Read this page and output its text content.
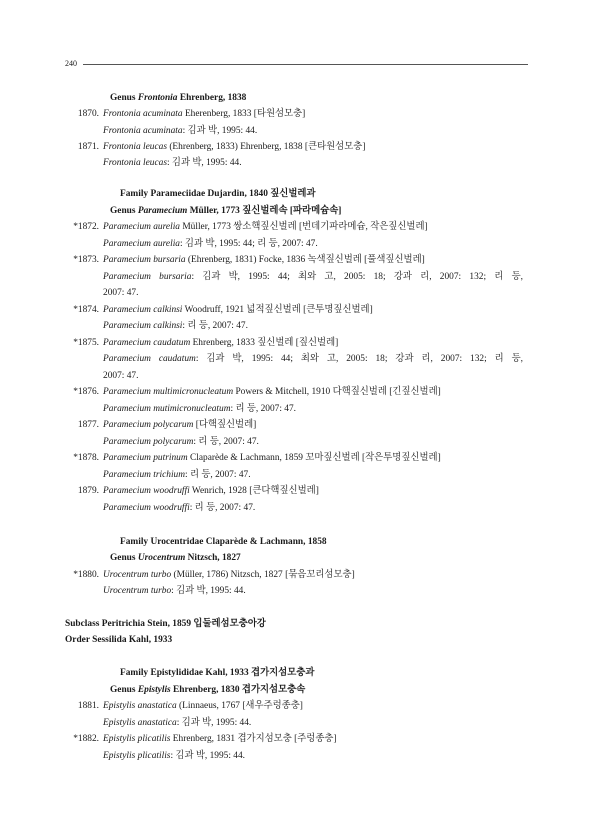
240
Genus Frontonia Ehrenberg, 1838
1870. Frontonia acuminata Eherenberg, 1833 [타원섬모충]
Frontonia acuminata: 김과 박, 1995: 44.
1871. Frontonia leucas (Ehrenberg, 1833) Ehrenberg, 1838 [큰타원섬모충]
Frontonia leucas: 김과 박, 1995: 44.
Family Parameciidae Dujardin, 1840 짚신벌레과
Genus Paramecium Müller, 1773 짚신벌레속 [파라메슘속]
*1872. Paramecium aurelia Müller, 1773 쌍소핵짚신벌레 [번데기파라메슘, 작은짚신벌레]
Paramecium aurelia: 김과 박, 1995: 44; 리 등, 2007: 47.
*1873. Paramecium bursaria (Ehrenberg, 1831) Focke, 1836 녹색짚신벌레 [풀색짚신벌레]
Paramecium bursaria: 김과 박, 1995: 44; 최와 고, 2005: 18; 강과 리, 2007: 132; 리 등,
2007: 47.
*1874. Paramecium calkinsi Woodruff, 1921 넓적짚신벌레 [큰투명짚신벌레]
Paramecium calkinsi: 리 등, 2007: 47.
*1875. Paramecium caudatum Ehrenberg, 1833 짚신벌레 [짚신벌레]
Paramecium caudatum: 김과 박, 1995: 44; 최와 고, 2005: 18; 강과 리, 2007: 132; 리 등,
2007: 47.
*1876. Paramecium multimicronucleatum Powers & Mitchell, 1910 다핵짚신벌레 [긴짚신벌레]
Paramecium mutimicronucleatum: 리 등, 2007: 47.
1877. Paramecium polycarum [다핵짚신벌레]
Paramecium polycarum: 리 등, 2007: 47.
*1878. Paramecium putrinum Claparède & Lachmann, 1859 꼬마짚신벌레 [작은투명짚신벌레]
Paramecium trichium: 리 등, 2007: 47.
1879. Paramecium woodruffi Wenrich, 1928 [큰다핵짚신벌레]
Paramecium woodruffi: 리 등, 2007: 47.
Family Urocentridae Claparède & Lachmann, 1858
Genus Urocentrum Nitzsch, 1827
*1880. Urocentrum turbo (Müller, 1786) Nitzsch, 1827 [묶음꼬리섬모충]
Urocentrum turbo: 김과 박, 1995: 44.
Subclass Peritrichia Stein, 1859 입둘레섬모충아강
Order Sessilida Kahl, 1933
Family Epistylididae Kahl, 1933 겹가지섬모충과
Genus Epistylis Ehrenberg, 1830 겹가지섬모충속
1881. Epistylis anastatica (Linnaeus, 1767 [새우주렁종충]
Epistylis anastatica: 김과 박, 1995: 44.
*1882. Epistylis plicatilis Ehrenberg, 1831 겹가지섬모충 [주렁종충]
Epistylis plicatilis: 김과 박, 1995: 44.
